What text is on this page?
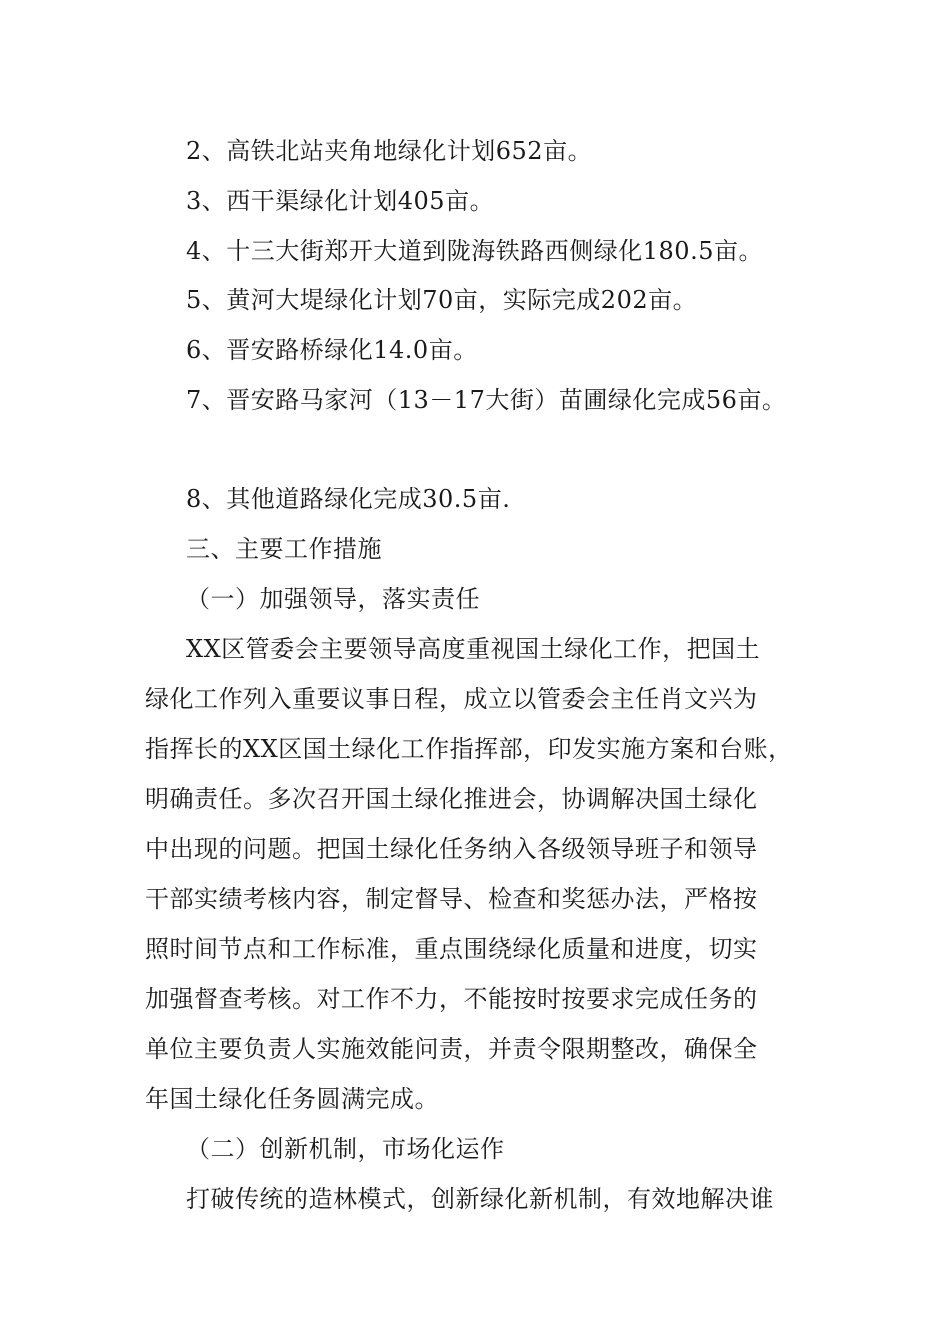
2、高铁北站夹角地绿化计划652亩。
3、西干渠绿化计划405亩。
4、十三大街郑开大道到陇海铁路西侧绿化180.5亩。
5、黄河大堤绿化计划70亩，实际完成202亩。
6、晋安路桥绿化14.0亩。
7、晋安路马家河（13－17大街）苗圃绿化完成56亩。
8、其他道路绿化完成30.5亩.
三、主要工作措施
（一）加强领导，落实责任
XX区管委会主要领导高度重视国土绿化工作，把国土
绿化工作列入重要议事日程，成立以管委会主任肖文兴为
指挥长的XX区国土绿化工作指挥部，印发实施方案和台账，
明确责任。多次召开国土绿化推进会，协调解决国土绿化
中出现的问题。把国土绿化任务纳入各级领导班子和领导
干部实绩考核内容，制定督导、检查和奖惩办法，严格按
照时间节点和工作标准，重点围绕绿化质量和进度，切实
加强督查考核。对工作不力，不能按时按要求完成任务的
单位主要负责人实施效能问责，并责令限期整改，确保全
年国土绿化任务圆满完成。
（二）创新机制，市场化运作
打破传统的造林模式，创新绿化新机制，有效地解决谁
